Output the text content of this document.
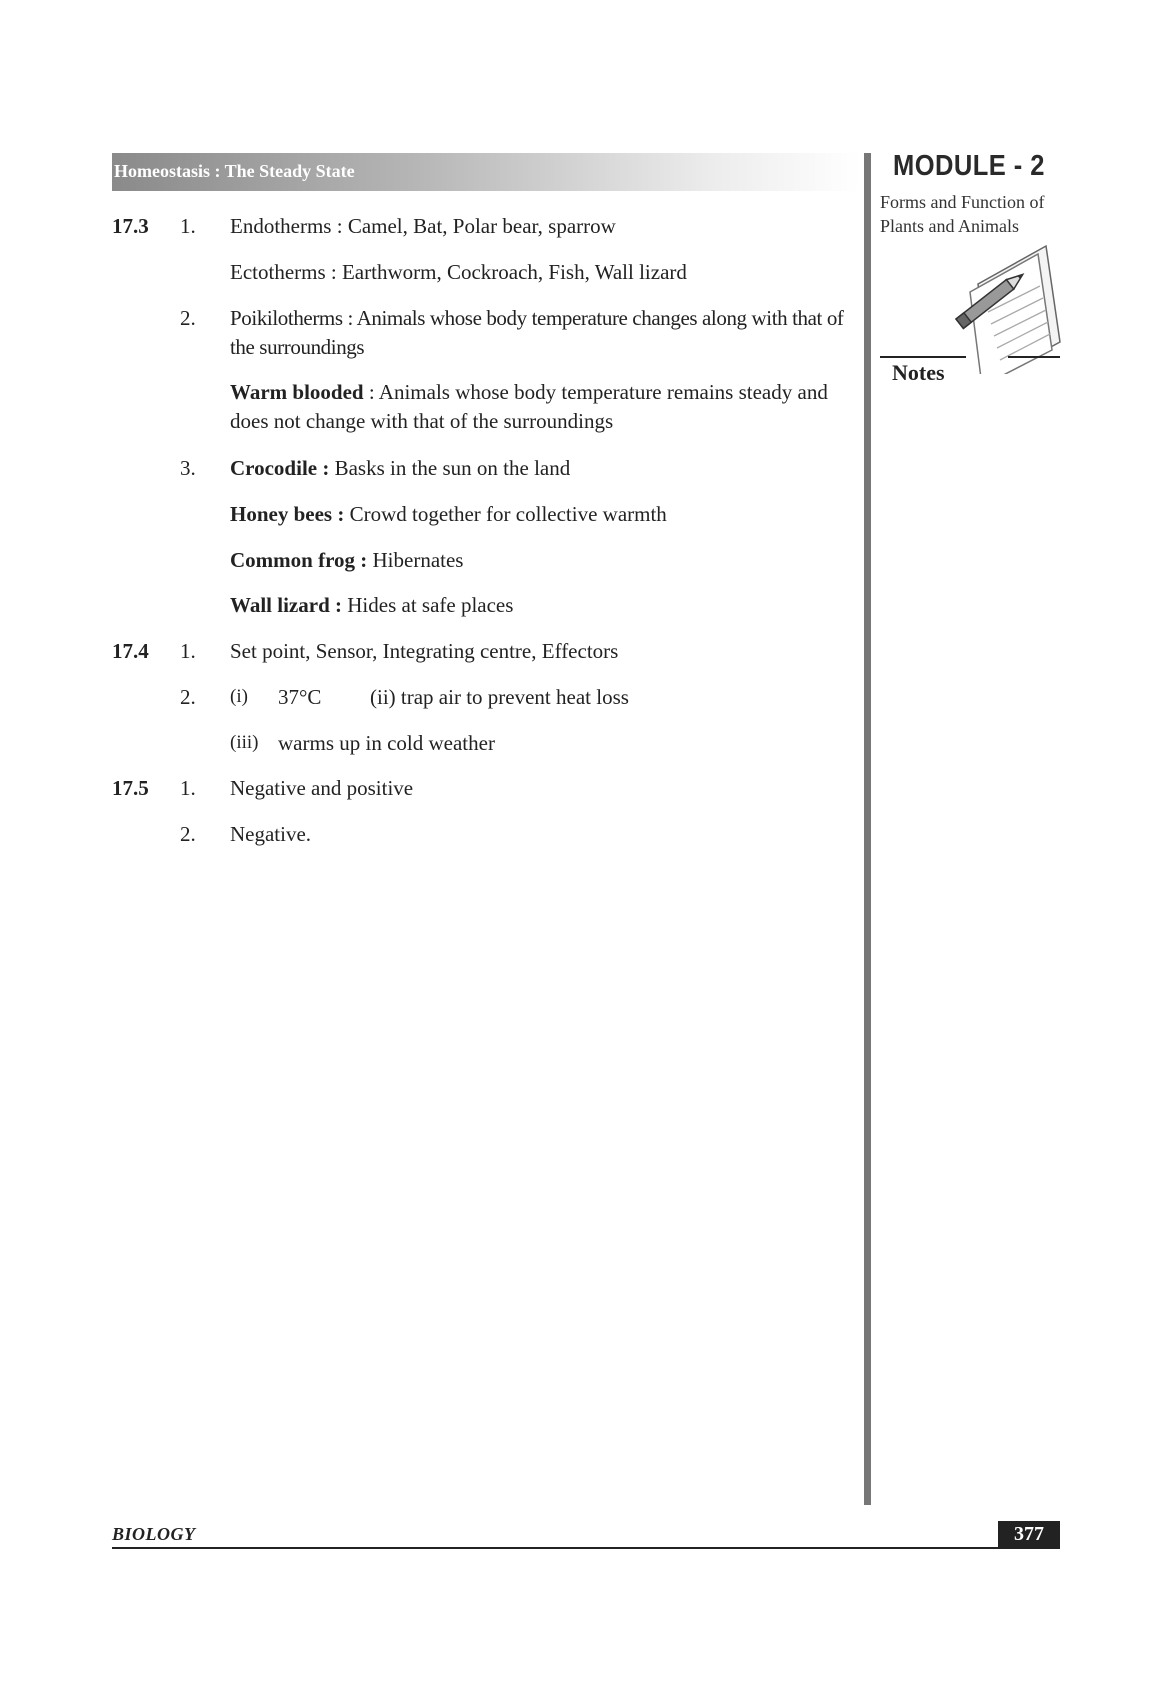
Homeostasis : The Steady State	MODULE - 2
Forms and Function of
Plants and Animals
Notes
17.3 1. Endotherms : Camel, Bat, Polar bear, sparrow
Ectotherms : Earthworm, Cockroach, Fish, Wall lizard
2. Poikilotherms : Animals whose body temperature changes along with that of the surroundings
Warm blooded : Animals whose body temperature remains steady and does not change with that of the surroundings
3. Crocodile : Basks in the sun on the land
Honey bees : Crowd together for collective warmth
Common frog : Hibernates
Wall lizard : Hides at safe places
17.4 1. Set point, Sensor, Integrating centre, Effectors
2. (i) 37°C (ii) trap air to prevent heat loss
(iii) warms up in cold weather
17.5 1. Negative and positive
2. Negative.
BIOLOGY	377
